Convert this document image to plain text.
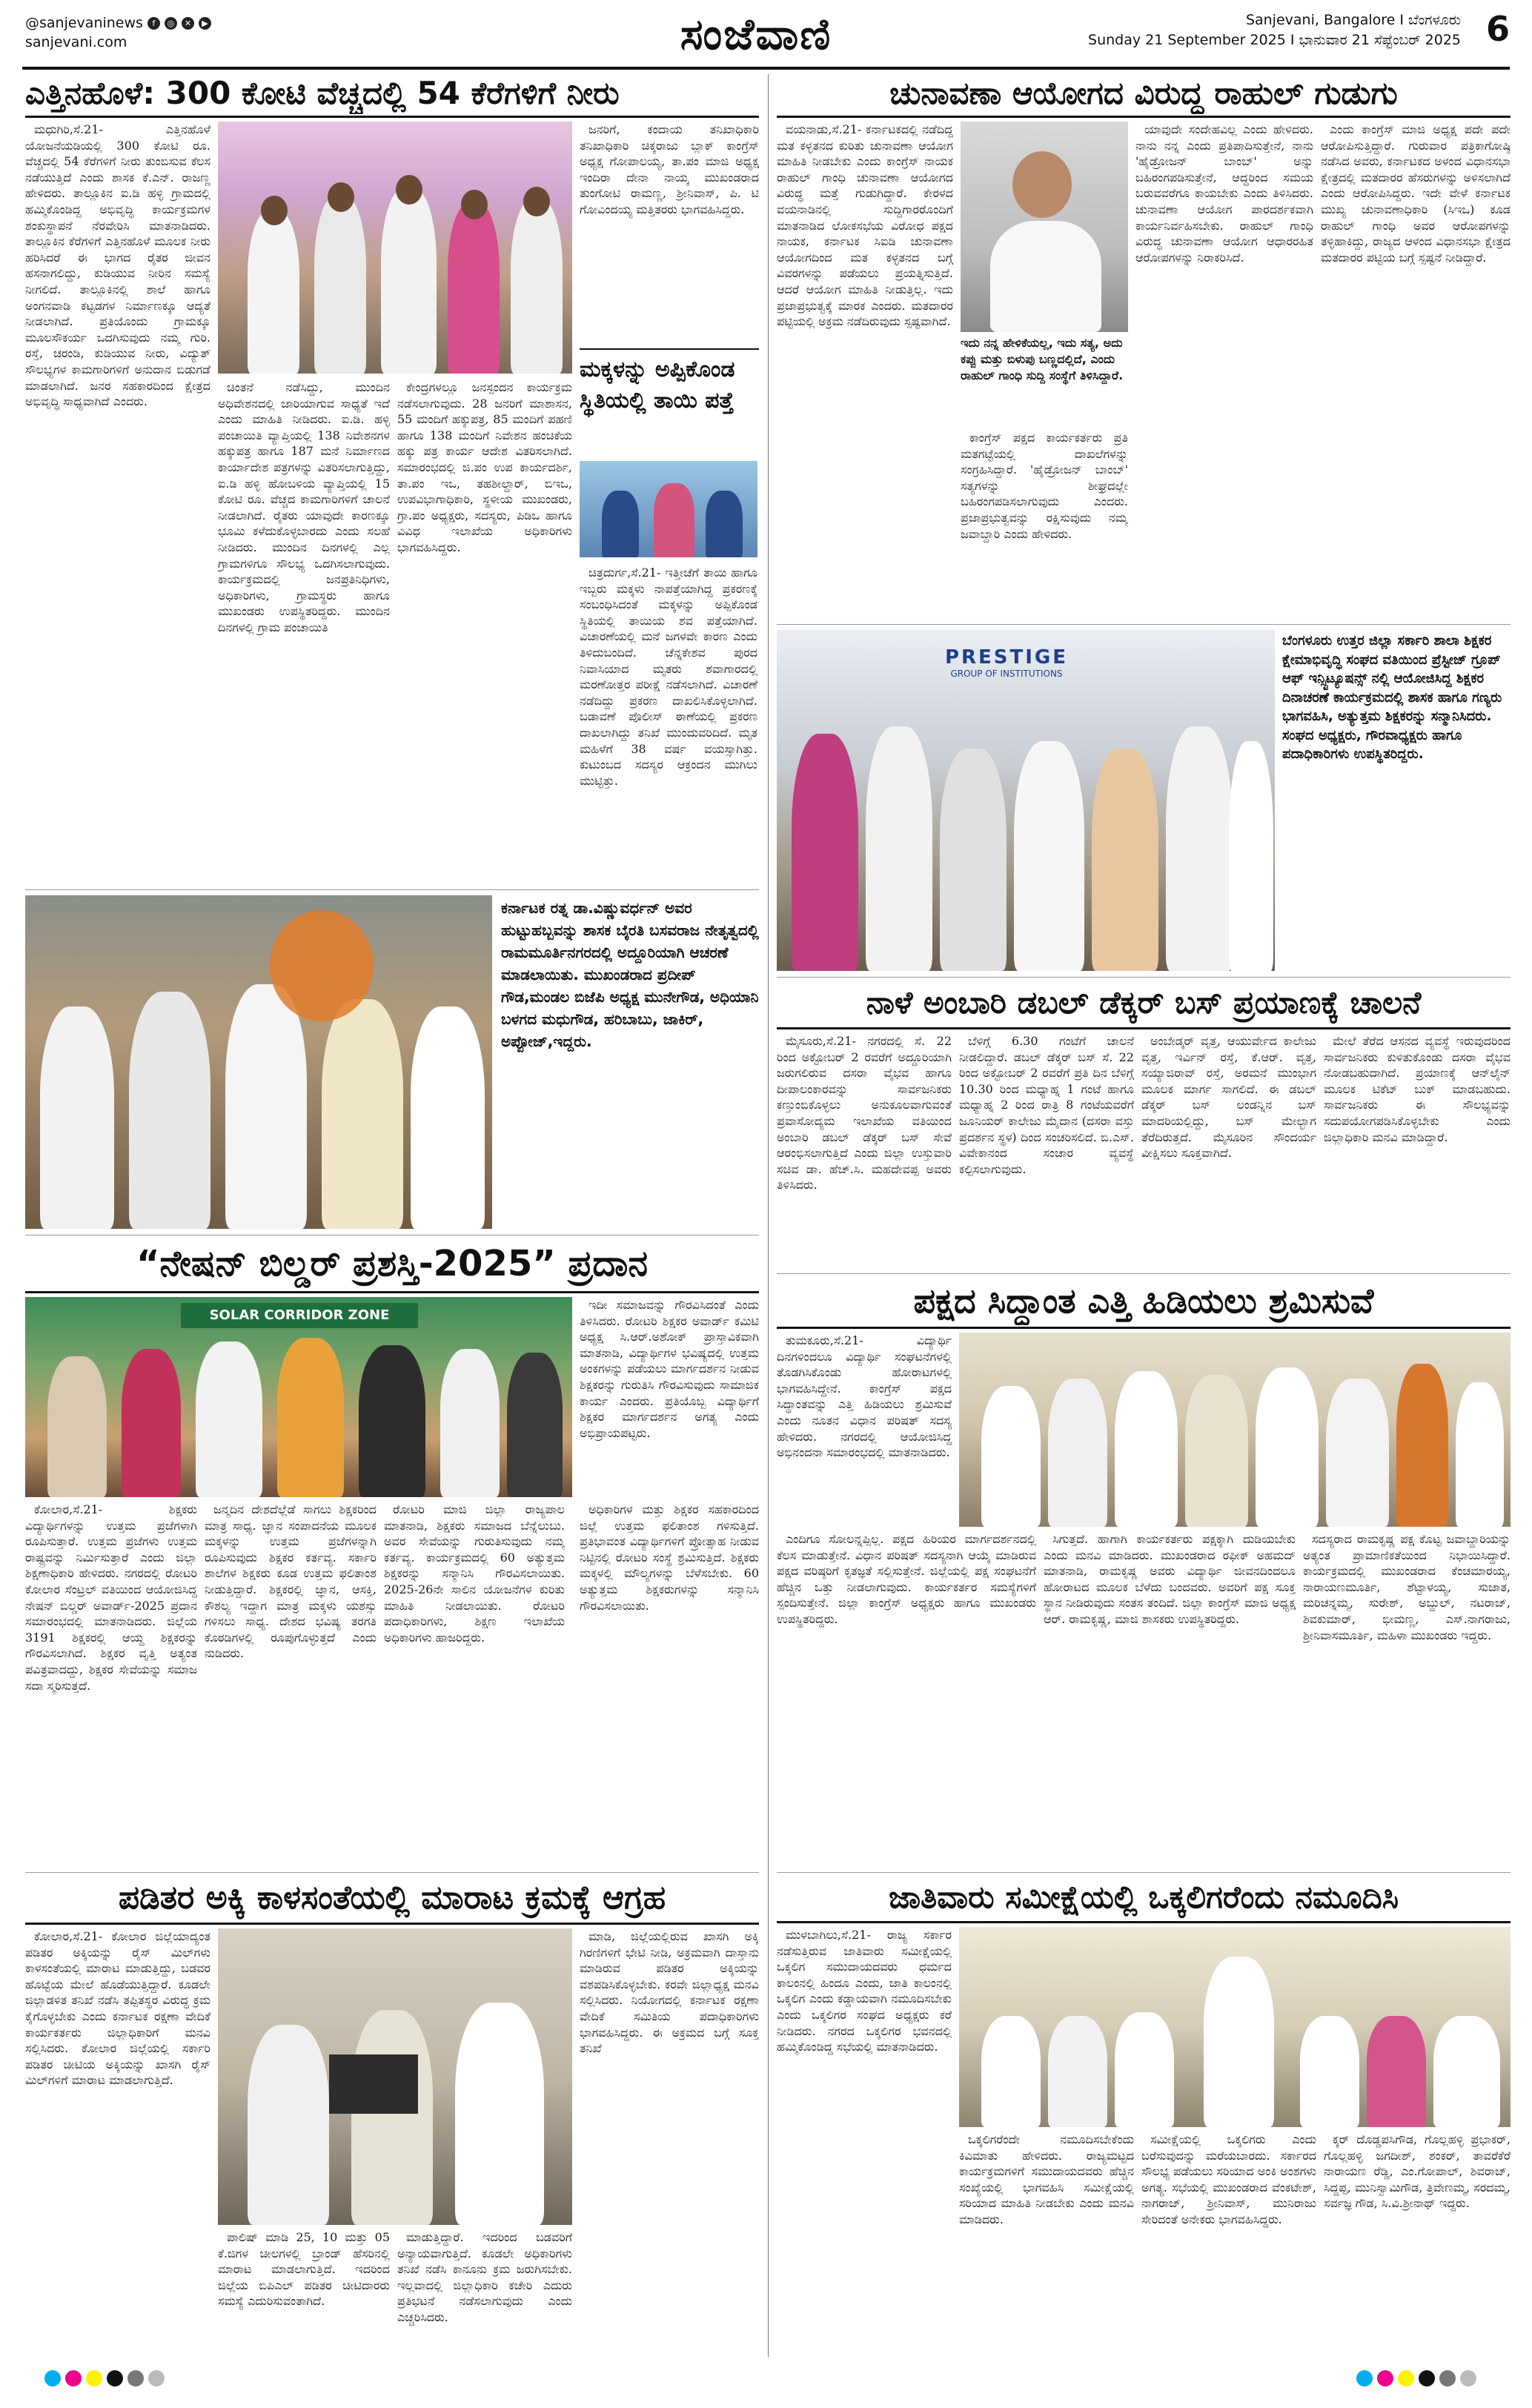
@sanjevaninews	f	◎	✕	▶
sanjevani.com	ಸಂಜೆವಾಣಿ	Sanjevani, Bangalore I ಬೆಂಗಳೂರು
Sunday 21 September 2025 I ಭಾನುವಾರ 21 ಸೆಪ್ಟೆಂಬರ್ 2025 6
ಎತ್ತಿನಹೊಳೆ: 300 ಕೋಟಿ ವೆಚ್ಚದಲ್ಲಿ 54 ಕೆರೆಗಳಿಗೆ ನೀರು

ಮಧುಗಿರಿ,ಸೆ.21- ಎತ್ತಿನಹೊಳೆ ಯೋಜನೆಯಡಿಯಲ್ಲಿ 300 ಕೋಟಿ ರೂ. ವೆಚ್ಚದಲ್ಲಿ 54 ಕೆರೆಗಳಿಗೆ ನೀರು ತುಂಬಿಸುವ ಕೆಲಸ ನಡೆಯುತ್ತಿದೆ ಎಂದು ಶಾಸಕ ಕೆ.ಎನ್. ರಾಜಣ್ಣ ಹೇಳಿದರು. ತಾಲ್ಲೂಕಿನ ಐ.ಡಿ ಹಳ್ಳಿ ಗ್ರಾಮದಲ್ಲಿ ಹಮ್ಮಿಕೊಂಡಿದ್ದ ಅಭಿವೃದ್ಧಿ ಕಾರ್ಯಕ್ರಮಗಳ ಶಂಕುಸ್ಥಾಪನೆ ನೆರವೇರಿಸಿ ಮಾತನಾಡಿದರು. ತಾಲ್ಲೂಕಿನ ಕೆರೆಗಳಿಗೆ ಎತ್ತಿನಹೊಳೆ ಮೂಲಕ ನೀರು ಹರಿಸಿದರೆ ಈ ಭಾಗದ ರೈತರ ಜೀವನ ಹಸನಾಗಲಿದ್ದು, ಕುಡಿಯುವ ನೀರಿನ ಸಮಸ್ಯೆ ನೀಗಲಿದೆ. ತಾಲ್ಲೂಕಿನಲ್ಲಿ ಶಾಲೆ ಹಾಗೂ ಅಂಗನವಾಡಿ ಕಟ್ಟಡಗಳ ನಿರ್ಮಾಣಕ್ಕೂ ಆದ್ಯತೆ ನೀಡಲಾಗಿದೆ. ಪ್ರತಿಯೊಂದು ಗ್ರಾಮಕ್ಕೂ ಮೂಲಸೌಕರ್ಯ ಒದಗಿಸುವುದು ನಮ್ಮ ಗುರಿ. ರಸ್ತೆ, ಚರಂಡಿ, ಕುಡಿಯುವ ನೀರು, ವಿದ್ಯುತ್ ಸೌಲಭ್ಯಗಳ ಕಾಮಗಾರಿಗಳಿಗೆ ಅನುದಾನ ಬಿಡುಗಡೆ ಮಾಡಲಾಗಿದೆ. ಜನರ ಸಹಕಾರದಿಂದ ಕ್ಷೇತ್ರದ ಅಭಿವೃದ್ಧಿ ಸಾಧ್ಯವಾಗಿದೆ ಎಂದರು.

ಚಿಂತನೆ ನಡೆಸಿದ್ದು, ಮುಂದಿನ ಅಧಿವೇಶನದಲ್ಲಿ ಜಾರಿಯಾಗುವ ಸಾಧ್ಯತೆ ಇದೆ ಎಂದು ಮಾಹಿತಿ ನೀಡಿದರು. ಐ.ಡಿ. ಹಳ್ಳಿ ಪಂಚಾಯಿತಿ ವ್ಯಾಪ್ತಿಯಲ್ಲಿ 138 ನಿವೇಶನಗಳ ಹಕ್ಕುಪತ್ರ ಹಾಗೂ 187 ಮನೆ ನಿರ್ಮಾಣದ ಕಾರ್ಯಾದೇಶ ಪತ್ರಗಳನ್ನು ವಿತರಿಸಲಾಗುತ್ತಿದ್ದು, ಐ.ಡಿ ಹಳ್ಳಿ ಹೋಬಳಿಯ ವ್ಯಾಪ್ತಿಯಲ್ಲಿ 15 ಕೋಟಿ ರೂ. ವೆಚ್ಚದ ಕಾಮಗಾರಿಗಳಿಗೆ ಚಾಲನೆ ನೀಡಲಾಗಿದೆ. ರೈತರು ಯಾವುದೇ ಕಾರಣಕ್ಕೂ ಭೂಮಿ ಕಳೆದುಕೊಳ್ಳಬಾರದು ಎಂದು ಸಲಹೆ ನೀಡಿದರು. ಮುಂದಿನ ದಿನಗಳಲ್ಲಿ ಎಲ್ಲ ಗ್ರಾಮಗಳಿಗೂ ಸೌಲಭ್ಯ ಒದಗಿಸಲಾಗುವುದು. ಕಾರ್ಯಕ್ರಮದಲ್ಲಿ ಜನಪ್ರತಿನಿಧಿಗಳು, ಅಧಿಕಾರಿಗಳು, ಗ್ರಾಮಸ್ಥರು ಹಾಗೂ ಮುಖಂಡರು ಉಪಸ್ಥಿತರಿದ್ದರು. ಮುಂದಿನ ದಿನಗಳಲ್ಲಿ ಗ್ರಾಮ ಪಂಚಾಯಿತಿ

ಕೇಂದ್ರಗಳಲ್ಲೂ ಜನಸ್ಪಂದನ ಕಾರ್ಯಕ್ರಮ ನಡೆಸಲಾಗುವುದು. 28 ಜನರಿಗೆ ಮಾಶಾಸನ, 55 ಮಂದಿಗೆ ಹಕ್ಕುಪತ್ರ, 85 ಮಂದಿಗೆ ಪಹಣಿ ಹಾಗೂ 138 ಮಂದಿಗೆ ನಿವೇಶನ ಹಂಚಿಕೆಯ ಹಕ್ಕು ಪತ್ರ ಕಾರ್ಯ ಆದೇಶ ವಿತರಿಸಲಾಗಿದೆ. ಸಮಾರಂಭದಲ್ಲಿ ಜಿ.ಪಂ ಉಪ ಕಾರ್ಯದರ್ಶಿ, ತಾ.ಪಂ ಇಒ, ತಹಶೀಲ್ದಾರ್, ಬಿಇಒ, ಉಪವಿಭಾಗಾಧಿಕಾರಿ, ಸ್ಥಳೀಯ ಮುಖಂಡರು, ಗ್ರಾ.ಪಂ ಅಧ್ಯಕ್ಷರು, ಸದಸ್ಯರು, ಪಿಡಿಒ ಹಾಗೂ ವಿವಿಧ ಇಲಾಖೆಯ ಅಧಿಕಾರಿಗಳು ಭಾಗವಹಿಸಿದ್ದರು.

ಜನರಿಗೆ, ಕಂದಾಯ ತನಿಖಾಧಿಕಾರಿ ತನಿಖಾಧಿಕಾರಿ ಚಿಕ್ಕರಾಜು ಬ್ಲಾಕ್ ಕಾಂಗ್ರೆಸ್ ಅಧ್ಯಕ್ಷ ಗೋಪಾಲಯ್ಯ, ತಾ.ಪಂ ಮಾಜಿ ಅಧ್ಯಕ್ಷ ಇಂದಿರಾ ದೇನಾ ನಾಯ್ಕ ಮುಖಂಡರಾದ ತುಂಗೋಟಿ ರಾಮಣ್ಣ, ಶ್ರೀನಿವಾಸ್, ಪಿ. ಟಿ ಗೋವಿಂದಯ್ಯ ಮತ್ತಿತರರು ಭಾಗವಹಿಸಿದ್ದರು.

ಮಕ್ಕಳನ್ನು ಅಪ್ಪಿಕೊಂಡ ಸ್ಥಿತಿಯಲ್ಲಿ ತಾಯಿ ಪತ್ತೆ

ಚಿತ್ರದುರ್ಗ,ಸೆ.21- ಇತ್ತೀಚೆಗೆ ತಾಯಿ ಹಾಗೂ ಇಬ್ಬರು ಮಕ್ಕಳು ನಾಪತ್ತೆಯಾಗಿದ್ದ ಪ್ರಕರಣಕ್ಕೆ ಸಂಬಂಧಿಸಿದಂತೆ ಮಕ್ಕಳನ್ನು ಅಪ್ಪಿಕೊಂಡ ಸ್ಥಿತಿಯಲ್ಲಿ ತಾಯಿಯ ಶವ ಪತ್ತೆಯಾಗಿದೆ. ವಿಚಾರಣೆಯಲ್ಲಿ ಮನೆ ಜಗಳವೇ ಕಾರಣ ಎಂದು ತಿಳಿದುಬಂದಿದೆ. ಚೆನ್ನಕೇಶವ ಪುರದ ನಿವಾಸಿಯಾದ ಮೃತರು ಶವಾಗಾರದಲ್ಲಿ ಮರಣೋತ್ತರ ಪರೀಕ್ಷೆ ನಡೆಸಲಾಗಿದೆ. ವಿಚಾರಣೆ ನಡೆದಿದ್ದು ಪ್ರಕರಣ ದಾಖಲಿಸಿಕೊಳ್ಳಲಾಗಿದೆ. ಬಡಾವಣೆ ಪೊಲೀಸ್ ಠಾಣೆಯಲ್ಲಿ ಪ್ರಕರಣ ದಾಖಲಾಗಿದ್ದು ತನಿಖೆ ಮುಂದುವರಿದಿದೆ. ಮೃತ ಮಹಿಳೆಗೆ 38 ವರ್ಷ ವಯಸ್ಸಾಗಿತ್ತು. ಕುಟುಂಬದ ಸದಸ್ಯರ ಆಕ್ರಂದನ ಮುಗಿಲು ಮುಟ್ಟಿತ್ತು.

ಕರ್ನಾಟಕ ರತ್ನ ಡಾ.ವಿಷ್ಣುವರ್ಧನ್ ಅವರ ಹುಟ್ಟುಹಬ್ಬವನ್ನು ಶಾಸಕ ಬೈರತಿ ಬಸವರಾಜ ನೇತೃತ್ವದಲ್ಲಿ ರಾಮಮೂರ್ತಿನಗರದಲ್ಲಿ ಅದ್ದೂರಿಯಾಗಿ ಆಚರಣೆ ಮಾಡಲಾಯಿತು. ಮುಖಂಡರಾದ ಪ್ರದೀಪ್ ಗೌಡ,ಮಂಡಲ ಬಿಜೆಪಿ ಅಧ್ಯಕ್ಷ ಮುನೇಗೌಡ, ಅಧಿಯಾನಿ ಬಳಗದ ಮಧುಗೌಡ, ಹರಿಬಾಬು, ಜಾಕಿರ್, ಅಪ್ಪೋಜ್,ಇದ್ದರು.
“ನೇಷನ್ ಬಿಲ್ಡರ್ ಪ್ರಶಸ್ತಿ-2025” ಪ್ರದಾನ
SOLAR CORRIDOR ZONE

ಇದೀ ಸಮಾಜವನ್ನು ಗೌರವಿಸಿದಂತೆ ಎಂದು ತಿಳಿಸಿದರು. ರೋಟರಿ ಶಿಕ್ಷಕರ ಅವಾರ್ಡ್ ಕಮಿಟಿ ಅಧ್ಯಕ್ಷ ಸಿ.ಆರ್.ಅಶೋಕ್ ಪ್ರಾಸ್ತಾವಿಕವಾಗಿ ಮಾತನಾಡಿ, ವಿದ್ಯಾರ್ಥಿಗಳ ಭವಿಷ್ಯದಲ್ಲಿ ಉತ್ತಮ ಅಂಕಗಳನ್ನು ಪಡೆಯಲು ಮಾರ್ಗದರ್ಶನ ನೀಡುವ ಶಿಕ್ಷಕರನ್ನು ಗುರುತಿಸಿ ಗೌರವಿಸುವುದು ಸಾಮಾಜಿಕ ಕಾರ್ಯ ಎಂದರು. ಪ್ರತಿಯೊಬ್ಬ ವಿದ್ಯಾರ್ಥಿಗೆ ಶಿಕ್ಷಕರ ಮಾರ್ಗದರ್ಶನ ಅಗತ್ಯ ಎಂದು ಅಭಿಪ್ರಾಯಪಟ್ಟರು.

ಕೋಲಾರ,ಸೆ.21- ಶಿಕ್ಷಕರು ವಿದ್ಯಾರ್ಥಿಗಳನ್ನು ಉತ್ತಮ ಪ್ರಜೆಗಳಾಗಿ ರೂಪಿಸುತ್ತಾರೆ. ಉತ್ತಮ ಪ್ರಜೆಗಳು ಉತ್ತಮ ರಾಷ್ಟ್ರವನ್ನು ನಿರ್ಮಿಸುತ್ತಾರೆ ಎಂದು ಜಿಲ್ಲಾ ಶಿಕ್ಷಣಾಧಿಕಾರಿ ಹೇಳಿದರು. ನಗರದಲ್ಲಿ ರೋಟರಿ ಕೋಲಾರ ಸೆಂಟ್ರಲ್ ವತಿಯಿಂದ ಆಯೋಜಿಸಿದ್ದ ನೇಷನ್ ಬಿಲ್ಡರ್ ಅವಾರ್ಡ್-2025 ಪ್ರದಾನ ಸಮಾರಂಭದಲ್ಲಿ ಮಾತನಾಡಿದರು. ಜಿಲ್ಲೆಯ 3191 ಶಿಕ್ಷಕರಲ್ಲಿ ಆಯ್ದ ಶಿಕ್ಷಕರನ್ನು ಗೌರವಿಸಲಾಗಿದೆ. ಶಿಕ್ಷಕರ ವೃತ್ತಿ ಅತ್ಯಂತ ಪವಿತ್ರವಾದದ್ದು, ಶಿಕ್ಷಕರ ಸೇವೆಯನ್ನು ಸಮಾಜ ಸದಾ ಸ್ಮರಿಸುತ್ತದೆ.

ಜನ್ಮದಿನ ದೇಶದೆಲ್ಲೆಡೆ ಸಾಗಲು ಶಿಕ್ಷಕರಿಂದ ಮಾತ್ರ ಸಾಧ್ಯ. ಜ್ಞಾನ ಸಂಪಾದನೆಯ ಮೂಲಕ ಮಕ್ಕಳನ್ನು ಉತ್ತಮ ಪ್ರಜೆಗಳನ್ನಾಗಿ ರೂಪಿಸುವುದು ಶಿಕ್ಷಕರ ಕರ್ತವ್ಯ. ಸರ್ಕಾರಿ ಶಾಲೆಗಳ ಶಿಕ್ಷಕರು ಕೂಡ ಉತ್ತಮ ಫಲಿತಾಂಶ ನೀಡುತ್ತಿದ್ದಾರೆ. ಶಿಕ್ಷಕರಲ್ಲಿ ಜ್ಞಾನ, ಆಸಕ್ತಿ, ಕೌಶಲ್ಯ ಇದ್ದಾಗ ಮಾತ್ರ ಮಕ್ಕಳು ಯಶಸ್ಸು ಗಳಿಸಲು ಸಾಧ್ಯ. ದೇಶದ ಭವಿಷ್ಯ ತರಗತಿ ಕೊಠಡಿಗಳಲ್ಲಿ ರೂಪುಗೊಳ್ಳುತ್ತದೆ ಎಂದು ನುಡಿದರು.

ರೋಟರಿ ಮಾಜಿ ಜಿಲ್ಲಾ ರಾಜ್ಯಪಾಲ ಮಾತನಾಡಿ, ಶಿಕ್ಷಕರು ಸಮಾಜದ ಬೆನ್ನೆಲುಬು. ಅವರ ಸೇವೆಯನ್ನು ಗುರುತಿಸುವುದು ನಮ್ಮ ಕರ್ತವ್ಯ. ಕಾರ್ಯಕ್ರಮದಲ್ಲಿ 60 ಅತ್ಯುತ್ತಮ ಶಿಕ್ಷಕರನ್ನು ಸನ್ಮಾನಿಸಿ ಗೌರವಿಸಲಾಯಿತು. 2025-26ನೇ ಸಾಲಿನ ಯೋಜನೆಗಳ ಕುರಿತು ಮಾಹಿತಿ ನೀಡಲಾಯಿತು. ರೋಟರಿ ಪದಾಧಿಕಾರಿಗಳು, ಶಿಕ್ಷಣ ಇಲಾಖೆಯ ಅಧಿಕಾರಿಗಳು ಹಾಜರಿದ್ದರು.

ಅಧಿಕಾರಿಗಳ ಮತ್ತು ಶಿಕ್ಷಕರ ಸಹಕಾರದಿಂದ ಜಿಲ್ಲೆ ಉತ್ತಮ ಫಲಿತಾಂಶ ಗಳಿಸುತ್ತಿದೆ. ಪ್ರತಿಭಾವಂತ ವಿದ್ಯಾರ್ಥಿಗಳಿಗೆ ಪ್ರೋತ್ಸಾಹ ನೀಡುವ ನಿಟ್ಟಿನಲ್ಲಿ ರೋಟರಿ ಸಂಸ್ಥೆ ಶ್ರಮಿಸುತ್ತಿದೆ. ಶಿಕ್ಷಕರು ಮಕ್ಕಳಲ್ಲಿ ಮೌಲ್ಯಗಳನ್ನು ಬೆಳೆಸಬೇಕು. 60 ಅತ್ಯುತ್ತಮ ಶಿಕ್ಷಕರುಗಳನ್ನು ಸನ್ಮಾನಿಸಿ ಗೌರವಿಸಲಾಯಿತು.

ಪಡಿತರ ಅಕ್ಕಿ ಕಾಳಸಂತೆಯಲ್ಲಿ ಮಾರಾಟ ಕ್ರಮಕ್ಕೆ ಆಗ್ರಹ

ಕೋಲಾರ,ಸೆ.21- ಕೋಲಾರ ಜಿಲ್ಲೆಯಾದ್ಯಂತ ಪಡಿತರ ಅಕ್ಕಿಯನ್ನು ರೈಸ್ ಮಿಲ್‌ಗಳು ಕಾಳಸಂತೆಯಲ್ಲಿ ಮಾರಾಟ ಮಾಡುತ್ತಿದ್ದು, ಬಡವರ ಹೊಟ್ಟೆಯ ಮೇಲೆ ಹೊಡೆಯುತ್ತಿದ್ದಾರೆ. ಕೂಡಲೇ ಜಿಲ್ಲಾಡಳಿತ ತನಿಖೆ ನಡೆಸಿ ತಪ್ಪಿತಸ್ಥರ ವಿರುದ್ಧ ಕ್ರಮ ಕೈಗೊಳ್ಳಬೇಕು ಎಂದು ಕರ್ನಾಟಕ ರಕ್ಷಣಾ ವೇದಿಕೆ ಕಾರ್ಯಕರ್ತರು ಜಿಲ್ಲಾಧಿಕಾರಿಗೆ ಮನವಿ ಸಲ್ಲಿಸಿದರು. ಕೋಲಾರ ಜಿಲ್ಲೆಯಲ್ಲಿ ಸರ್ಕಾರಿ ಪಡಿತರ ಚೀಟಿಯ ಅಕ್ಕಿಯನ್ನು ಖಾಸಗಿ ರೈಸ್ ಮಿಲ್‌ಗಳಿಗೆ ಮಾರಾಟ ಮಾಡಲಾಗುತ್ತಿದೆ.

ಪಾಲಿಷ್ ಮಾಡಿ 25, 10 ಮತ್ತು 05 ಕೆ.ಜಿಗಳ ಚೀಲಗಳಲ್ಲಿ ಬ್ರಾಂಡ್ ಹೆಸರಿನಲ್ಲಿ ಮಾರಾಟ ಮಾಡಲಾಗುತ್ತಿದೆ. ಇದರಿಂದ ಜಿಲ್ಲೆಯ ಬಿಪಿಎಲ್ ಪಡಿತರ ಚೀಟಿದಾರರು ಸಮಸ್ಯೆ ಎದುರಿಸುವಂತಾಗಿದೆ.

ಮಾಡುತ್ತಿದ್ದಾರೆ. ಇದರಿಂದ ಬಡವರಿಗೆ ಅನ್ಯಾಯವಾಗುತ್ತಿದೆ. ಕೂಡಲೇ ಅಧಿಕಾರಿಗಳು ತನಿಖೆ ನಡೆಸಿ ಕಾನೂನು ಕ್ರಮ ಜರುಗಿಸಬೇಕು. ಇಲ್ಲವಾದಲ್ಲಿ ಜಿಲ್ಲಾಧಿಕಾರಿ ಕಚೇರಿ ಎದುರು ಪ್ರತಿಭಟನೆ ನಡೆಸಲಾಗುವುದು ಎಂದು ಎಚ್ಚರಿಸಿದರು.

ಮಾಡಿ, ಜಿಲ್ಲೆಯಲ್ಲಿರುವ ಖಾಸಗಿ ಅಕ್ಕಿ ಗಿರಣಿಗಳಿಗೆ ಭೇಟಿ ನೀಡಿ, ಅಕ್ರಮವಾಗಿ ದಾಸ್ತಾನು ಮಾಡಿರುವ ಪಡಿತರ ಅಕ್ಕಿಯನ್ನು ವಶಪಡಿಸಿಕೊಳ್ಳಬೇಕು. ಕರವೇ ಜಿಲ್ಲಾಧ್ಯಕ್ಷ ಮನವಿ ಸಲ್ಲಿಸಿದರು. ನಿಯೋಗದಲ್ಲಿ ಕರ್ನಾಟಕ ರಕ್ಷಣಾ ವೇದಿಕೆ ಸಮಿತಿಯ ಪದಾಧಿಕಾರಿಗಳು ಭಾಗವಹಿಸಿದ್ದರು. ಈ ಅಕ್ರಮದ ಬಗ್ಗೆ ಸೂಕ್ತ ತನಿಖೆ

ಚುನಾವಣಾ ಆಯೋಗದ ವಿರುದ್ಧ ರಾಹುಲ್ ಗುಡುಗು

ವಯನಾಡು,ಸೆ.21- ಕರ್ನಾಟಕದಲ್ಲಿ ನಡೆದಿದ್ದ ಮತ ಕಳ್ಳತನದ ಕುರಿತು ಚುನಾವಣಾ ಆಯೋಗ ಮಾಹಿತಿ ನೀಡಬೇಕು ಎಂದು ಕಾಂಗ್ರೆಸ್ ನಾಯಕ ರಾಹುಲ್ ಗಾಂಧಿ ಚುನಾವಣಾ ಆಯೋಗದ ವಿರುದ್ಧ ಮತ್ತೆ ಗುಡುಗಿದ್ದಾರೆ. ಕೇರಳದ ವಯನಾಡಿನಲ್ಲಿ ಸುದ್ದಿಗಾರರೊಂದಿಗೆ ಮಾತನಾಡಿದ ಲೋಕಸಭೆಯ ವಿರೋಧ ಪಕ್ಷದ ನಾಯಕ, ಕರ್ನಾಟಕ ಸಿಐಡಿ ಚುನಾವಣಾ ಆಯೋಗದಿಂದ ಮತ ಕಳ್ಳತನದ ಬಗ್ಗೆ ವಿವರಗಳನ್ನು ಪಡೆಯಲು ಪ್ರಯತ್ನಿಸುತ್ತಿದೆ. ಆದರೆ ಆಯೋಗ ಮಾಹಿತಿ ನೀಡುತ್ತಿಲ್ಲ. ಇದು ಪ್ರಜಾಪ್ರಭುತ್ವಕ್ಕೆ ಮಾರಕ ಎಂದರು. ಮತದಾರರ ಪಟ್ಟಿಯಲ್ಲಿ ಅಕ್ರಮ ನಡೆದಿರುವುದು ಸ್ಪಷ್ಟವಾಗಿದೆ.

ಇದು ನನ್ನ ಹೇಳಿಕೆಯಲ್ಲ, ಇದು ಸತ್ಯ, ಅದು ಕಪ್ಪು ಮತ್ತು ಬಿಳುಪು ಬಣ್ಣದಲ್ಲಿದೆ, ಎಂದು ರಾಹುಲ್ ಗಾಂಧಿ ಸುದ್ದಿ ಸಂಸ್ಥೆಗೆ ತಿಳಿಸಿದ್ದಾರೆ.

ಕಾಂಗ್ರೆಸ್ ಪಕ್ಷದ ಕಾರ್ಯಕರ್ತರು ಪ್ರತಿ ಮತಗಟ್ಟೆಯಲ್ಲಿ ದಾಖಲೆಗಳನ್ನು ಸಂಗ್ರಹಿಸಿದ್ದಾರೆ. 'ಹೈಡ್ರೋಜನ್ ಬಾಂಬ್' ಸತ್ಯಗಳನ್ನು ಶೀಘ್ರದಲ್ಲೇ ಬಹಿರಂಗಪಡಿಸಲಾಗುವುದು ಎಂದರು. ಪ್ರಜಾಪ್ರಭುತ್ವವನ್ನು ರಕ್ಷಿಸುವುದು ನಮ್ಮ ಜವಾಬ್ದಾರಿ ಎಂದು ಹೇಳಿದರು.

ಯಾವುದೇ ಸಂದೇಹವಿಲ್ಲ ಎಂದು ಹೇಳಿದರು. ನಾನು ನನ್ನ ಎಂದು ಪ್ರತಿಪಾದಿಸುತ್ತೇನೆ, ನಾನು 'ಹೈಡ್ರೋಜನ್ ಬಾಂಬ್' ಅನ್ನು ಬಹಿರಂಗಪಡಿಸುತ್ತೇನೆ, ಆದ್ದರಿಂದ ಸಮಯ ಬರುವವರೆಗೂ ಕಾಯಬೇಕು ಎಂದು ತಿಳಿಸಿದರು. ಚುನಾವಣಾ ಆಯೋಗ ಪಾರದರ್ಶಕವಾಗಿ ಕಾರ್ಯನಿರ್ವಹಿಸಬೇಕು. ರಾಹುಲ್ ಗಾಂಧಿ ವಿರುದ್ಧ ಚುನಾವಣಾ ಆಯೋಗ ಆಧಾರರಹಿತ ಆರೋಪಗಳನ್ನು ನಿರಾಕರಿಸಿದೆ.

ಎಂದು ಕಾಂಗ್ರೆಸ್ ಮಾಜಿ ಅಧ್ಯಕ್ಷ ಪದೇ ಪದೇ ಆರೋಪಿಸುತ್ತಿದ್ದಾರೆ. ಗುರುವಾರ ಪತ್ರಿಕಾಗೋಷ್ಠಿ ನಡೆಸಿದ ಅವರು, ಕರ್ನಾಟಕದ ಅಳಂದ ವಿಧಾನಸಭಾ ಕ್ಷೇತ್ರದಲ್ಲಿ ಮತದಾರರ ಹೆಸರುಗಳನ್ನು ಅಳಿಸಲಾಗಿದೆ ಎಂದು ಆರೋಪಿಸಿದ್ದರು. ಇದೇ ವೇಳೆ ಕರ್ನಾಟಕ ಮುಖ್ಯ ಚುನಾವಣಾಧಿಕಾರಿ (ಸಿಇಒ) ಕೂಡ ರಾಹುಲ್ ಗಾಂಧಿ ಅವರ ಆರೋಪಗಳನ್ನು ತಳ್ಳಿಹಾಕಿದ್ದು, ರಾಜ್ಯದ ಆಳಂದ ವಿಧಾನಸಭಾ ಕ್ಷೇತ್ರದ ಮತದಾರರ ಪಟ್ಟಿಯ ಬಗ್ಗೆ ಸ್ಪಷ್ಟನೆ ನೀಡಿದ್ದಾರೆ.

PRESTIGE
GROUP OF INSTITUTIONS
ಬೆಂಗಳೂರು ಉತ್ತರ ಜಿಲ್ಲಾ ಸರ್ಕಾರಿ ಶಾಲಾ ಶಿಕ್ಷಕರ ಕ್ಷೇಮಾಭಿವೃದ್ಧಿ ಸಂಘದ ವತಿಯಿಂದ ಪ್ರೆಸ್ಟೀಜ್ ಗ್ರೂಪ್ ಆಫ್ ಇನ್ಸ್ಟಿಟ್ಯೂಷನ್ಸ್ ನಲ್ಲಿ ಆಯೋಜಿಸಿದ್ದ ಶಿಕ್ಷಕರ ದಿನಾಚರಣೆ ಕಾರ್ಯಕ್ರಮದಲ್ಲಿ ಶಾಸಕ ಹಾಗೂ ಗಣ್ಯರು ಭಾಗವಹಿಸಿ, ಅತ್ಯುತ್ತಮ ಶಿಕ್ಷಕರನ್ನು ಸನ್ಮಾನಿಸಿದರು. ಸಂಘದ ಅಧ್ಯಕ್ಷರು, ಗೌರವಾಧ್ಯಕ್ಷರು ಹಾಗೂ ಪದಾಧಿಕಾರಿಗಳು ಉಪಸ್ಥಿತರಿದ್ದರು.
ನಾಳೆ ಅಂಬಾರಿ ಡಬಲ್ ಡೆಕ್ಕರ್ ಬಸ್ ಪ್ರಯಾಣಕ್ಕೆ ಚಾಲನೆ

ಮೈಸೂರು,ಸೆ.21- ನಗರದಲ್ಲಿ ಸೆ. 22 ರಿಂದ ಅಕ್ಟೋಬರ್ 2 ರವರೆಗೆ ಅದ್ದೂರಿಯಾಗಿ ಜರುಗಲಿರುವ ದಸರಾ ವೈಭವ ಹಾಗೂ ದೀಪಾಲಂಕಾರವನ್ನು ಸಾರ್ವಜನಿಕರು ಕಣ್ತುಂಬಿಕೊಳ್ಳಲು ಅನುಕೂಲವಾಗುವಂತೆ ಪ್ರವಾಸೋದ್ಯಮ ಇಲಾಖೆಯ ವತಿಯಿಂದ ಅಂಬಾರಿ ಡಬಲ್ ಡೆಕ್ಕರ್ ಬಸ್ ಸೇವೆ ಆರಂಭಿಸಲಾಗುತ್ತಿದೆ ಎಂದು ಜಿಲ್ಲಾ ಉಸ್ತುವಾರಿ ಸಚಿವ ಡಾ. ಹೆಚ್.ಸಿ. ಮಹದೇವಪ್ಪ ಅವರು ತಿಳಿಸಿದರು.

ಬೆಳಿಗ್ಗೆ 6.30 ಗಂಟೆಗೆ ಚಾಲನೆ ನೀಡಲಿದ್ದಾರೆ. ಡಬಲ್ ಡೆಕ್ಕರ್ ಬಸ್ ಸೆ. 22 ರಿಂದ ಅಕ್ಟೋಬರ್ 2 ರವರೆಗೆ ಪ್ರತಿ ದಿನ ಬೆಳಿಗ್ಗೆ 10.30 ರಿಂದ ಮಧ್ಯಾಹ್ನ 1 ಗಂಟೆ ಹಾಗೂ ಮಧ್ಯಾಹ್ನ 2 ರಿಂದ ರಾತ್ರಿ 8 ಗಂಟೆಯವರೆಗೆ ಜೂನಿಯರ್ ಕಾಲೇಜು ಮೈದಾನ (ದಸರಾ ವಸ್ತು ಪ್ರದರ್ಶನ ಸ್ಥಳ) ದಿಂದ ಸಂಚರಿಸಲಿದೆ. ಬಿ.ಎಸ್. ವಿವೇಕಾನಂದ ಸಂಚಾರ ವ್ಯವಸ್ಥೆ ಕಲ್ಪಿಸಲಾಗುವುದು.

ಅಂಬೇಡ್ಕರ್ ವೃತ್ತ, ಆಯುರ್ವೇದ ಕಾಲೇಜು ವೃತ್ತ, ಇರ್ವಿನ್ ರಸ್ತೆ, ಕೆ.ಆರ್. ವೃತ್ತ, ಸಯ್ಯಾಜಿರಾವ್ ರಸ್ತೆ, ಅರಮನೆ ಮುಂಭಾಗ ಮೂಲಕ ಮಾರ್ಗ ಸಾಗಲಿದೆ. ಈ ಡಬಲ್ ಡೆಕ್ಕರ್ ಬಸ್ ಲಂಡನ್ನಿನ ಬಸ್ ಮಾದರಿಯಲ್ಲಿದ್ದು, ಬಸ್ ಮೇಲ್ಭಾಗ ತೆರೆದಿರುತ್ತದೆ. ಮೈಸೂರಿನ ಸೌಂದರ್ಯ ವೀಕ್ಷಿಸಲು ಸೂಕ್ತವಾಗಿದೆ.

ಮೇಲೆ ತೆರೆದ ಆಸನದ ವ್ಯವಸ್ಥೆ ಇರುವುದರಿಂದ ಸಾರ್ವಜನಿಕರು ಕುಳಿತುಕೊಂಡು ದಸರಾ ವೈಭವ ನೋಡಬಹುದಾಗಿದೆ. ಪ್ರಯಾಣಕ್ಕೆ ಆನ್‌ಲೈನ್ ಮೂಲಕ ಟಿಕೆಟ್ ಬುಕ್ ಮಾಡಬಹುದು. ಸಾರ್ವಜನಿಕರು ಈ ಸೌಲಭ್ಯವನ್ನು ಸದುಪಯೋಗಪಡಿಸಿಕೊಳ್ಳಬೇಕು ಎಂದು ಜಿಲ್ಲಾಧಿಕಾರಿ ಮನವಿ ಮಾಡಿದ್ದಾರೆ.

ಪಕ್ಷದ ಸಿದ್ಧಾಂತ ಎತ್ತಿ ಹಿಡಿಯಲು ಶ್ರಮಿಸುವೆ

ತುಮಕೂರು,ಸೆ.21- ವಿದ್ಯಾರ್ಥಿ ದಿನಗಳಿಂದಲೂ ವಿದ್ಯಾರ್ಥಿ ಸಂಘಟನೆಗಳಲ್ಲಿ ತೊಡಗಿಸಿಕೊಂಡು ಹೋರಾಟಗಳಲ್ಲಿ ಭಾಗವಹಿಸಿದ್ದೇನೆ. ಕಾಂಗ್ರೆಸ್ ಪಕ್ಷದ ಸಿದ್ಧಾಂತವನ್ನು ಎತ್ತಿ ಹಿಡಿಯಲು ಶ್ರಮಿಸುವೆ ಎಂದು ನೂತನ ವಿಧಾನ ಪರಿಷತ್ ಸದಸ್ಯ ಹೇಳಿದರು. ನಗರದಲ್ಲಿ ಆಯೋಜಿಸಿದ್ದ ಅಭಿನಂದನಾ ಸಮಾರಂಭದಲ್ಲಿ ಮಾತನಾಡಿದರು.

ಎಂದಿಗೂ ಸೋಲನ್ನಪ್ಪಿಲ್ಲ. ಪಕ್ಷದ ಹಿರಿಯರ ಮಾರ್ಗದರ್ಶನದಲ್ಲಿ ಕೆಲಸ ಮಾಡುತ್ತೇನೆ. ವಿಧಾನ ಪರಿಷತ್ ಸದಸ್ಯನಾಗಿ ಆಯ್ಕೆ ಮಾಡಿರುವ ಪಕ್ಷದ ವರಿಷ್ಠರಿಗೆ ಕೃತಜ್ಞತೆ ಸಲ್ಲಿಸುತ್ತೇನೆ. ಜಿಲ್ಲೆಯಲ್ಲಿ ಪಕ್ಷ ಸಂಘಟನೆಗೆ ಹೆಚ್ಚಿನ ಒತ್ತು ನೀಡಲಾಗುವುದು. ಕಾರ್ಯಕರ್ತರ ಸಮಸ್ಯೆಗಳಿಗೆ ಸ್ಪಂದಿಸುತ್ತೇನೆ. ಜಿಲ್ಲಾ ಕಾಂಗ್ರೆಸ್ ಅಧ್ಯಕ್ಷರು ಹಾಗೂ ಮುಖಂಡರು ಉಪಸ್ಥಿತರಿದ್ದರು.

ಸಿಗುತ್ತದೆ. ಹಾಗಾಗಿ ಕಾರ್ಯಕರ್ತರು ಪಕ್ಷಕ್ಕಾಗಿ ದುಡಿಯಬೇಕು ಎಂದು ಮನವಿ ಮಾಡಿದರು. ಮುಖಂಡರಾದ ರಫೀಕ್ ಅಹಮದ್ ಮಾತನಾಡಿ, ರಾಮಕೃಷ್ಣ ಅವರು ವಿದ್ಯಾರ್ಥಿ ಜೀವನದಿಂದಲೂ ಹೋರಾಟದ ಮೂಲಕ ಬೆಳೆದು ಬಂದವರು. ಅವರಿಗೆ ಪಕ್ಷ ಸೂಕ್ತ ಸ್ಥಾನ ನೀಡಿರುವುದು ಸಂತಸ ತಂದಿದೆ. ಜಿಲ್ಲಾ ಕಾಂಗ್ರೆಸ್ ಮಾಜಿ ಅಧ್ಯಕ್ಷ ಆರ್. ರಾಮಕೃಷ್ಣ, ಮಾಜಿ ಶಾಸಕರು ಉಪಸ್ಥಿತರಿದ್ದರು.

ಸದಸ್ಯರಾದ ರಾಮಕೃಷ್ಣ ಪಕ್ಷ ಕೊಟ್ಟ ಜವಾಬ್ದಾರಿಯನ್ನು ಅತ್ಯಂತ ಪ್ರಾಮಾಣಿಕತೆಯಿಂದ ನಿಭಾಯಿಸಿದ್ದಾರೆ. ಕಾರ್ಯಕ್ರಮದಲ್ಲಿ ಮುಖಂಡರಾದ ಕೆಂಚಮಾರಯ್ಯ, ನಾರಾಯಣಮೂರ್ತಿ, ಶೆಟ್ಟಾಳಯ್ಯ, ಸುಜಾತ, ಮರಿಚನ್ನಮ್ಮ, ಸುರೇಶ್, ಅಬ್ದುಲ್, ನಟರಾಜ್, ಶಿವಕುಮಾರ್, ಭೀಮಣ್ಣ, ಎಸ್.ನಾಗರಾಜು, ಶ್ರೀನಿವಾಸಮೂರ್ತಿ, ಮಹಿಳಾ ಮುಖಂಡರು ಇದ್ದರು.

ಜಾತಿವಾರು ಸಮೀಕ್ಷೆಯಲ್ಲಿ ಒಕ್ಕಲಿಗರೆಂದು ನಮೂದಿಸಿ

ಮುಳಬಾಗಿಲು,ಸೆ.21- ರಾಜ್ಯ ಸರ್ಕಾರ ನಡೆಸುತ್ತಿರುವ ಜಾತಿವಾರು ಸಮೀಕ್ಷೆಯಲ್ಲಿ ಒಕ್ಕಲಿಗ ಸಮುದಾಯದವರು ಧರ್ಮದ ಕಾಲಂನಲ್ಲಿ ಹಿಂದೂ ಎಂದು, ಜಾತಿ ಕಾಲಂನಲ್ಲಿ ಒಕ್ಕಲಿಗ ಎಂದು ಕಡ್ಡಾಯವಾಗಿ ನಮೂದಿಸಬೇಕು ಎಂದು ಒಕ್ಕಲಿಗರ ಸಂಘದ ಅಧ್ಯಕ್ಷರು ಕರೆ ನೀಡಿದರು. ನಗರದ ಒಕ್ಕಲಿಗರ ಭವನದಲ್ಲಿ ಹಮ್ಮಿಕೊಂಡಿದ್ದ ಸಭೆಯಲ್ಲಿ ಮಾತನಾಡಿದರು.

ಒಕ್ಕಲಿಗರೆಂದೇ ನಮೂದಿಸಬೇಕೆಂದು ಕಿವಿಮಾತು ಹೇಳಿದರು. ರಾಜ್ಯಮಟ್ಟದ ಕಾರ್ಯಕ್ರಮಗಳಿಗೆ ಸಮುದಾಯದವರು ಹೆಚ್ಚಿನ ಸಂಖ್ಯೆಯಲ್ಲಿ ಭಾಗವಹಿಸಿ ಸಮೀಕ್ಷೆಯಲ್ಲಿ ಸರಿಯಾದ ಮಾಹಿತಿ ನೀಡಬೇಕು ಎಂದು ಮನವಿ ಮಾಡಿದರು.

ಸಮೀಕ್ಷೆಯಲ್ಲಿ ಒಕ್ಕಲಿಗರು ಎಂದು ಬರೆಸುವುದನ್ನು ಮರೆಯಬಾರದು. ಸರ್ಕಾರದ ಸೌಲಭ್ಯ ಪಡೆಯಲು ಸರಿಯಾದ ಅಂಕಿ ಅಂಶಗಳು ಅಗತ್ಯ. ಸಭೆಯಲ್ಲಿ ಮುಖಂಡರಾದ ವೆಂಕಟೇಶ್, ನಾಗರಾಜ್, ಶ್ರೀನಿವಾಸ್, ಮುನಿರಾಜು ಸೇರಿದಂತೆ ಅನೇಕರು ಭಾಗವಹಿಸಿದ್ದರು.

ಕ್ಕರ್ ದೊಡ್ಡಪಸಿಗೌಡ, ಗೊಲ್ಲಹಳ್ಳಿ ಪ್ರಭಾಕರ್, ಗೊಲ್ಲಹಳ್ಳಿ ಜಗದೀಶ್, ಶಂಕರ್, ತಾವರೆಕೆರೆ ನಾರಾಯಣ ರೆಡ್ಡಿ, ಎಂ.ಗೋಪಾಲ್, ಶಿವರಾಜ್, ಸಿದ್ದಪ್ಪ, ಮುನಿಸ್ವಾಮಿಗೌಡ, ತ್ರಿವೇಣಮ್ಮ, ಸರದಮ್ಮ, ಸರ್ವಜ್ಞ ಗೌಡ, ಸಿ.ವಿ.ಶ್ರೀನಾಥ್ ಇದ್ದರು.
